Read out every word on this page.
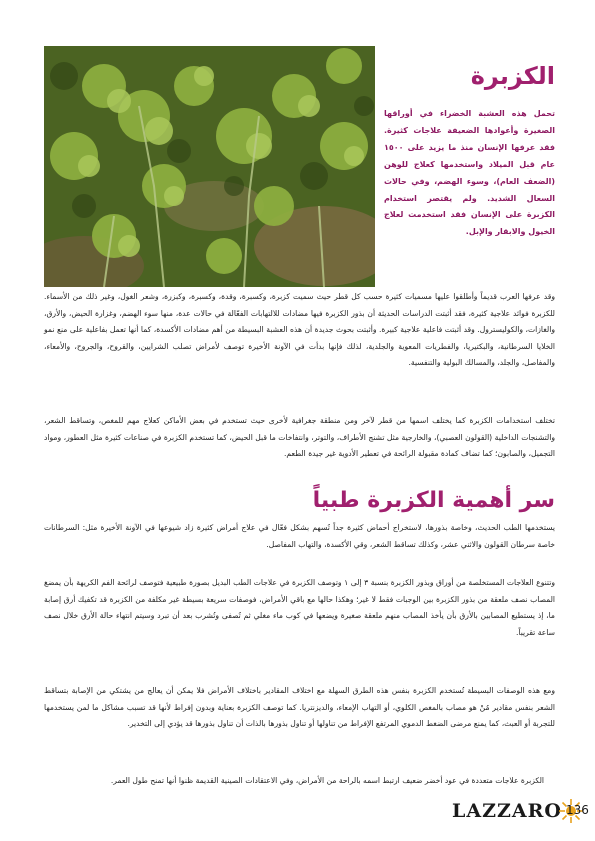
الكزبرة

تحمل هذه العشبة الخضراء في أوراقها الصغيرة وأعوادها الضعيفة علاجات كثيرة. فقد عرفها الإنسان منذ ما يزيد على ١٥٠٠ عام قبل الميلاد واستخدمها كعلاج للوهن (الضعف العام)، وسوء الهضم، وفي حالات السعال الشديد. ولم يقتصر استخدام الكزبرة على الإنسان فقد استخدمت لعلاج الخيول والابقار والإبل.

وقد عرفها العرب قديماً وأطلقوا عليها مسميات كثيرة حسب كل قطر حيث سميت كزبرة، وكسبرة، وقدة، وكسبرة، وكبزرة، وشعر الغول، وغير ذلك من الأسماء. للكزبرة فوائد علاجية كثيرة، فقد أثبتت الدراسات الحديثة أن بذور الكزبرة فيها مضادات للالتهابات الفعّالة في حالات عدة، منها سوء الهضم، وغزارة الحيض، والأرق، والغازات، والكوليسترول. وقد أثبتت فاعلية علاجية كبيرة. وأثبتت بحوث جديدة أن هذه العشبة البسيطة من أهم مضادات الأكسدة، كما أنها تعمل بفاعلية على منع نمو الخلايا السرطانية، والبكتيريا، والفطريات المعوية والجلدية، لذلك فإنها بدأت في الآونة الأخيرة توصف لأمراض تصلب الشرايين، والقروح، والجروح، والأمعاء، والمفاصل، والجلد، والمسالك البولية والتنفسية.

تختلف استخدامات الكزبرة كما يختلف اسمها من قطر لآخر ومن منطقة جغرافية لأخرى حيث تستخدم في بعض الأماكن كعلاج مهم للمغص، وتساقط الشعر، والتشنجات الداخلية (القولون العصبي)، والخارجية مثل تشنج الأطراف، والتوتر، وانتفاخات ما قبل الحيض، كما تستخدم الكزبرة في صناعات كثيرة مثل العطور، ومواد التجميل، والصابون؛ كما تضاف كمادة مقبولة الرائحة في تعطير الأدوية غير جيدة الطعم.

سر أهمية الكزبرة طبياً

يستخدمها الطب الحديث، وخاصة بذورها، لاستخراج أحماض كثيرة جداً تُسهم بشكل فعّال في علاج أمراض كثيرة زاد شيوعها في الآونة الأخيرة مثل: السرطانات خاصة سرطان القولون والاثني عشر، وكذلك تساقط الشعر، وقي الأكسدة، والتهاب المفاصل.

وتتنوع العلاجات المستخلصة من أوراق وبذور الكزبرة بنسبة ٣ إلى ١ وتوصف الكزبرة في علاجات الطب البديل بصورة طبيعية فتوصف لرائحة الفم الكريهة بأن يمضغ المصاب نصف ملعقة من بذور الكزبرة بين الوجبات فقط لا غير؛ وهكذا حالها مع باقي الأمراض، فوصفات سريعة بسيطة غير مكلفة من الكزبرة قد تكفيك أرق إصابة ما، إذ يستطيع المصابين بالأرق بأن يأخذ المصاب منهم ملعقة صغيرة ويضعها في كوب ماء مغلي ثم تُصفى وتُشرب بعد أن تبرد وسيتم انتهاء حالة الأرق خلال نصف ساعة تقريباً.

ومع هذه الوصفات البسيطة تُستخدم الكزبرة بنفس هذه الطرق السهلة مع اختلاف المقادير باختلاف الأمراض فلا يمكن أن يعالج من يشتكي من الإصابة بتساقط الشعر بنفس مقادير مُنْ هو مصاب بالمغص الكلوي، أو التهاب الإمعاء، والديزنتريا. كما توصف الكزبرة بعناية وبدون إفراط لأنها قد تسبب مشاكل ما لمن يستخدمها للتجربة أو العبث، كما يمنع مرضى الضغط الدموي المرتفع الإفراط من تناولها أو تناول بذورها بالذات أن تناول بذورها قد يؤدي إلى التخدير.

الكزبرة علاجات متعددة في عود أخضر ضعيف ارتبط اسمه بالراحة من الأمراض، وفي الاعتقادات الصينية القديمة ظنوا أنها تمنح طول العمر.

LAZZARO 136
